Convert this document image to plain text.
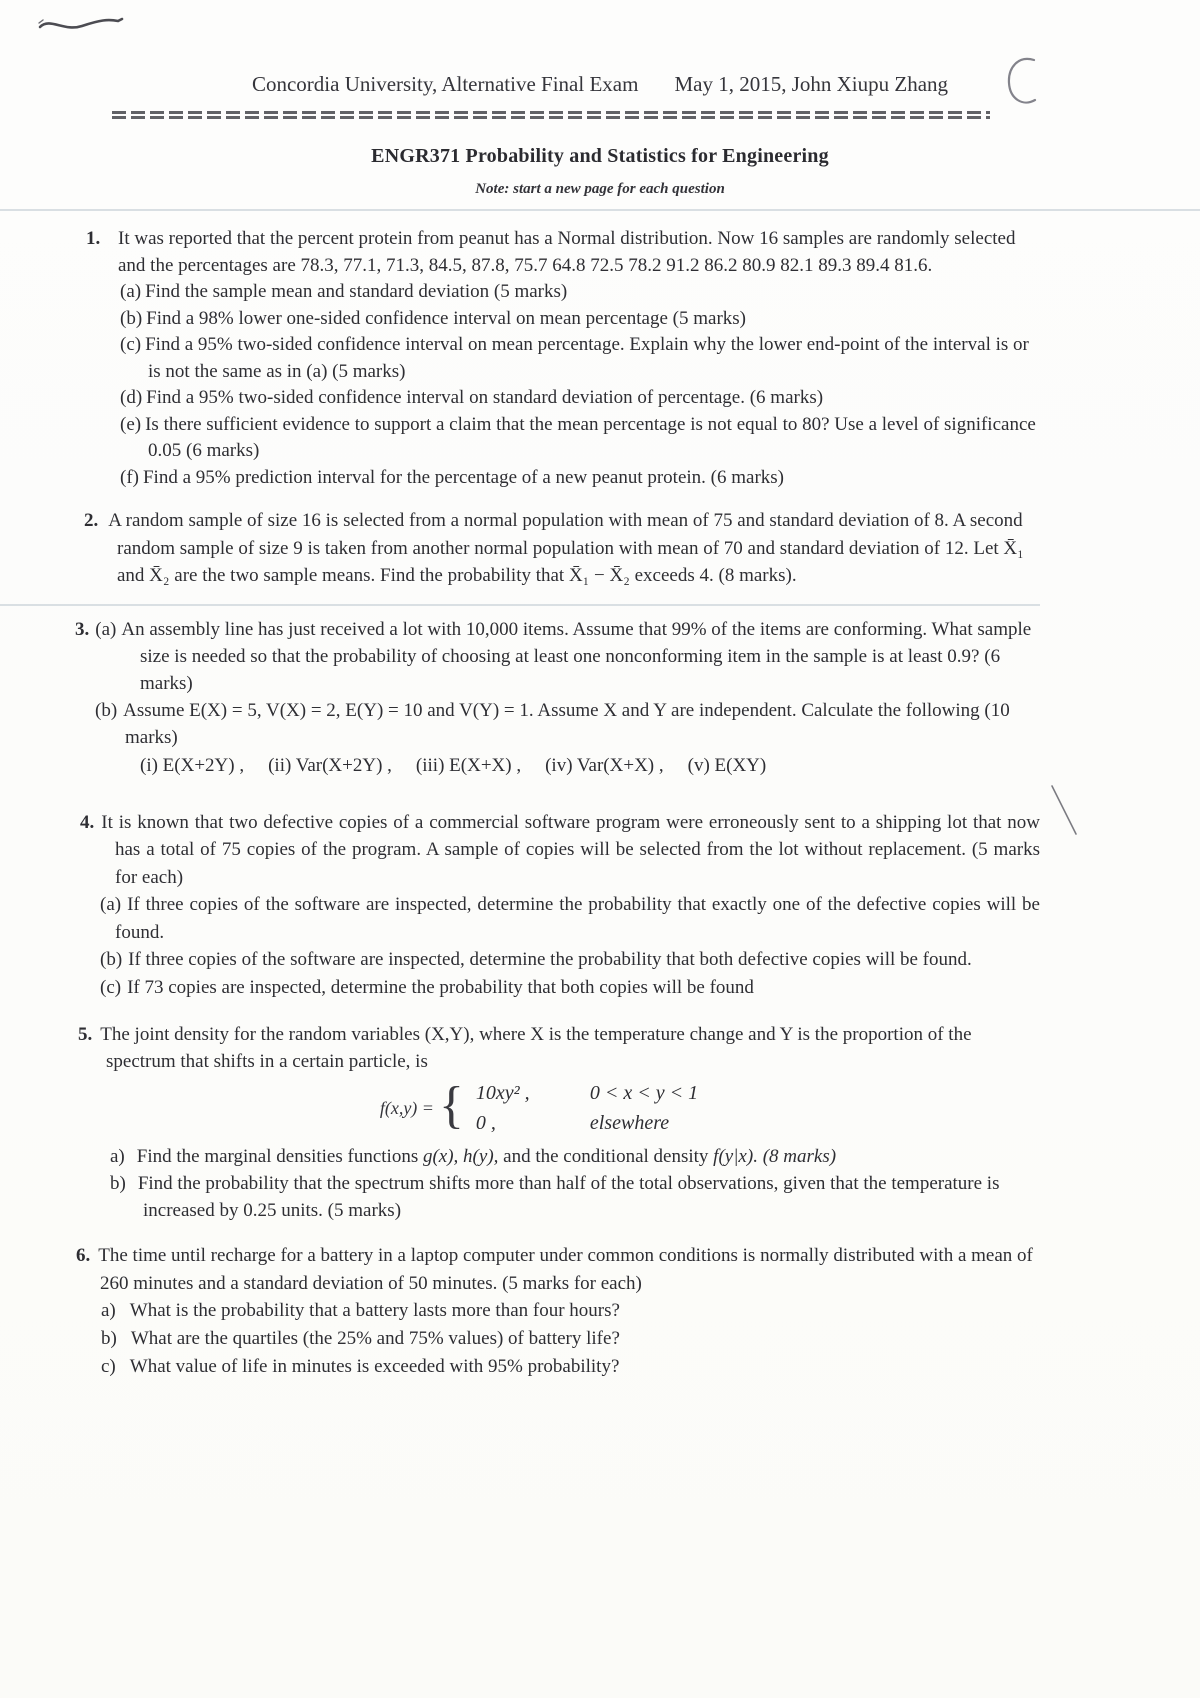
Concordia University, Alternative Final Exam May 1, 2015, John Xiupu Zhang

ENGR371 Probability and Statistics for Engineering

Note: start a new page for each question

1. It was reported that the percent protein from peanut has a Normal distribution. Now 16 samples are randomly selected and the percentages are 78.3, 77.1, 71.3, 84.5, 87.8, 75.7 64.8 72.5 78.2 91.2 86.2 80.9 82.1 89.3 89.4 81.6.

(a) Find the sample mean and standard deviation (5 marks)
(b) Find a 98% lower one-sided confidence interval on mean percentage (5 marks)
(c) Find a 95% two-sided confidence interval on mean percentage. Explain why the lower end-point of the interval is or is not the same as in (a) (5 marks)
(d) Find a 95% two-sided confidence interval on standard deviation of percentage. (6 marks)
(e) Is there sufficient evidence to support a claim that the mean percentage is not equal to 80? Use a level of significance 0.05 (6 marks)
(f) Find a 95% prediction interval for the percentage of a new peanut protein. (6 marks)

2. A random sample of size 16 is selected from a normal population with mean of 75 and standard deviation of 8. A second random sample of size 9 is taken from another normal population with mean of 70 and standard deviation of 12. Let X̄₁ and X̄₂ are the two sample means. Find the probability that X̄₁ − X̄₂ exceeds 4. (8 marks).

3. (a) An assembly line has just received a lot with 10,000 items. Assume that 99% of the items are conforming. What sample size is needed so that the probability of choosing at least one nonconforming item in the sample is at least 0.9? (6 marks)

(b) Assume E(X) = 5, V(X) = 2, E(Y) = 10 and V(Y) = 1. Assume X and Y are independent. Calculate the following (10 marks)

(i) E(X+2Y) , (ii) Var(X+2Y) , (iii) E(X+X) , (iv) Var(X+X) , (v) E(XY)

4. It is known that two defective copies of a commercial software program were erroneously sent to a shipping lot that now has a total of 75 copies of the program. A sample of copies will be selected from the lot without replacement. (5 marks for each)

(a) If three copies of the software are inspected, determine the probability that exactly one of the defective copies will be found.
(b) If three copies of the software are inspected, determine the probability that both defective copies will be found.
(c) If 73 copies are inspected, determine the probability that both copies will be found

5. The joint density for the random variables (X,Y), where X is the temperature change and Y is the proportion of the spectrum that shifts in a certain particle, is

f(x,y) = { 10xy² ,	0 < x < y < 1
0 ,	elsewhere
a) Find the marginal densities functions g(x), h(y), and the conditional density f(y|x). (8 marks)
b) Find the probability that the spectrum shifts more than half of the total observations, given that the temperature is increased by 0.25 units. (5 marks)

6. The time until recharge for a battery in a laptop computer under common conditions is normally distributed with a mean of 260 minutes and a standard deviation of 50 minutes. (5 marks for each)

a) What is the probability that a battery lasts more than four hours?
b) What are the quartiles (the 25% and 75% values) of battery life?
c) What value of life in minutes is exceeded with 95% probability?
